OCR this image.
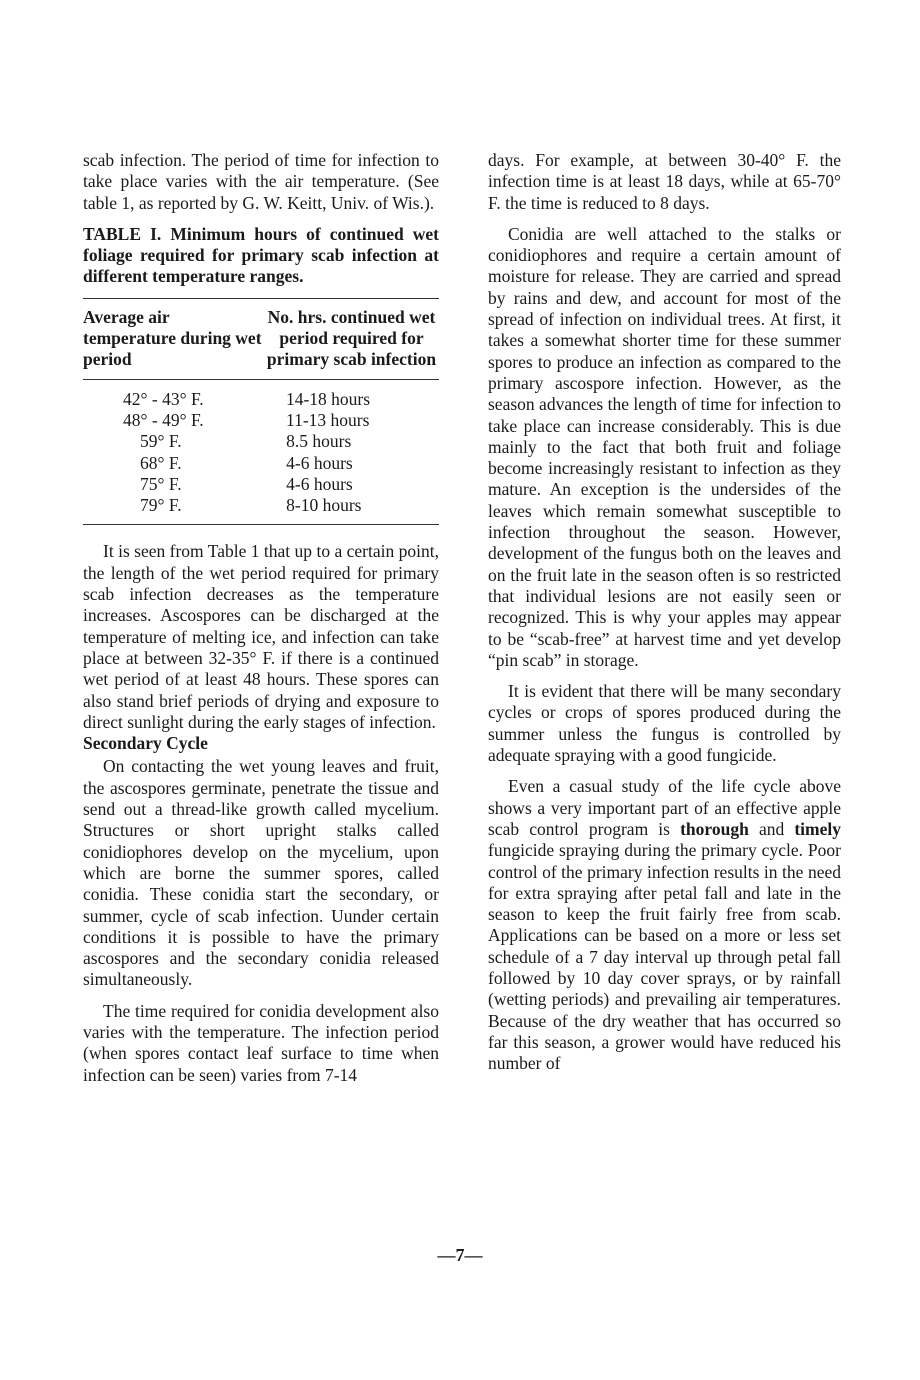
scab infection. The period of time for infection to take place varies with the air temperature. (See table 1, as reported by G. W. Keitt, Univ. of Wis.).

TABLE I. Minimum hours of continued wet foliage required for primary scab infection at different temperature ranges.

Average air temperature during wet period
No. hrs. continued wet period required for primary scab infection
42° - 43° F.	14-18 hours
48° - 49° F.	11-13 hours
59° F.	8.5 hours
68° F.	4-6 hours
75° F.	4-6 hours
79° F.	8-10 hours

It is seen from Table 1 that up to a certain point, the length of the wet period required for primary scab infection decreases as the temperature increases. Ascospores can be discharged at the temperature of melting ice, and infection can take place at between 32-35° F. if there is a continued wet period of at least 48 hours. These spores can also stand brief periods of drying and exposure to direct sunlight during the early stages of infection.

Secondary Cycle

On contacting the wet young leaves and fruit, the ascospores germinate, penetrate the tissue and send out a thread-like growth called mycelium. Structures or short upright stalks called conidiophores develop on the mycelium, upon which are borne the summer spores, called conidia. These conidia start the secondary, or summer, cycle of scab infection. Uunder certain conditions it is possible to have the primary ascospores and the secondary conidia released simultaneously.

The time required for conidia development also varies with the temperature. The infection period (when spores contact leaf surface to time when infection can be seen) varies from 7-14

days. For example, at between 30-40° F. the infection time is at least 18 days, while at 65-70° F. the time is reduced to 8 days.

Conidia are well attached to the stalks or conidiophores and require a certain amount of moisture for release. They are carried and spread by rains and dew, and account for most of the spread of infection on individual trees. At first, it takes a somewhat shorter time for these summer spores to produce an infection as compared to the primary ascospore infection. However, as the season advances the length of time for infection to take place can increase considerably. This is due mainly to the fact that both fruit and foliage become increasingly resistant to infection as they mature. An exception is the undersides of the leaves which remain somewhat susceptible to infection throughout the season. However, development of the fungus both on the leaves and on the fruit late in the season often is so restricted that individual lesions are not easily seen or recognized. This is why your apples may appear to be “scab-free” at harvest time and yet develop “pin scab” in storage.

It is evident that there will be many secondary cycles or crops of spores produced during the summer unless the fungus is controlled by adequate spraying with a good fungicide.

Even a casual study of the life cycle above shows a very important part of an effective apple scab control program is thorough and timely fungicide spraying during the primary cycle. Poor control of the primary infection results in the need for extra spraying after petal fall and late in the season to keep the fruit fairly free from scab. Applications can be based on a more or less set schedule of a 7 day interval up through petal fall followed by 10 day cover sprays, or by rainfall (wetting periods) and prevailing air temperatures. Because of the dry weather that has occurred so far this season, a grower would have reduced his number of

—7—
